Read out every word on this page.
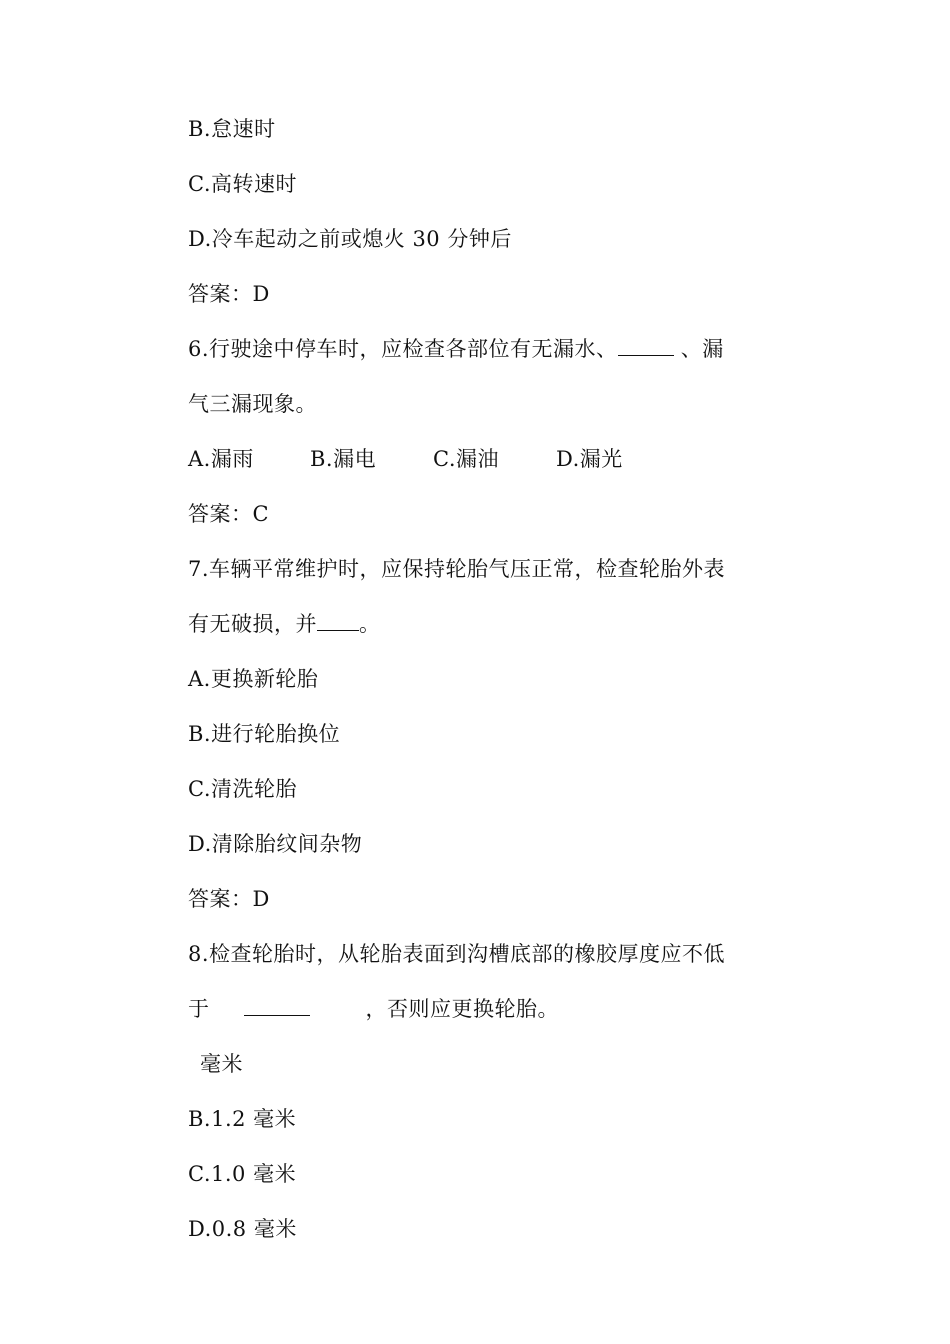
B.怠速时
C.高转速时
D.冷车起动之前或熄火 30 分钟后
答案：D
6.行驶途中停车时，应检查各部位有无漏水、	、漏
气三漏现象。
A.漏雨	B.漏电	C.漏油	D.漏光
答案：C
7.车辆平常维护时，应保持轮胎气压正常，检查轮胎外表
有无破损，并 。
A.更换新轮胎
B.进行轮胎换位
C.清洗轮胎
D.清除胎纹间杂物
答案：D
8.检查轮胎时，从轮胎表面到沟槽底部的橡胶厚度应不低
于	，否则应更换轮胎。
毫米
B.1.2 毫米
C.1.0 毫米
D.0.8 毫米
